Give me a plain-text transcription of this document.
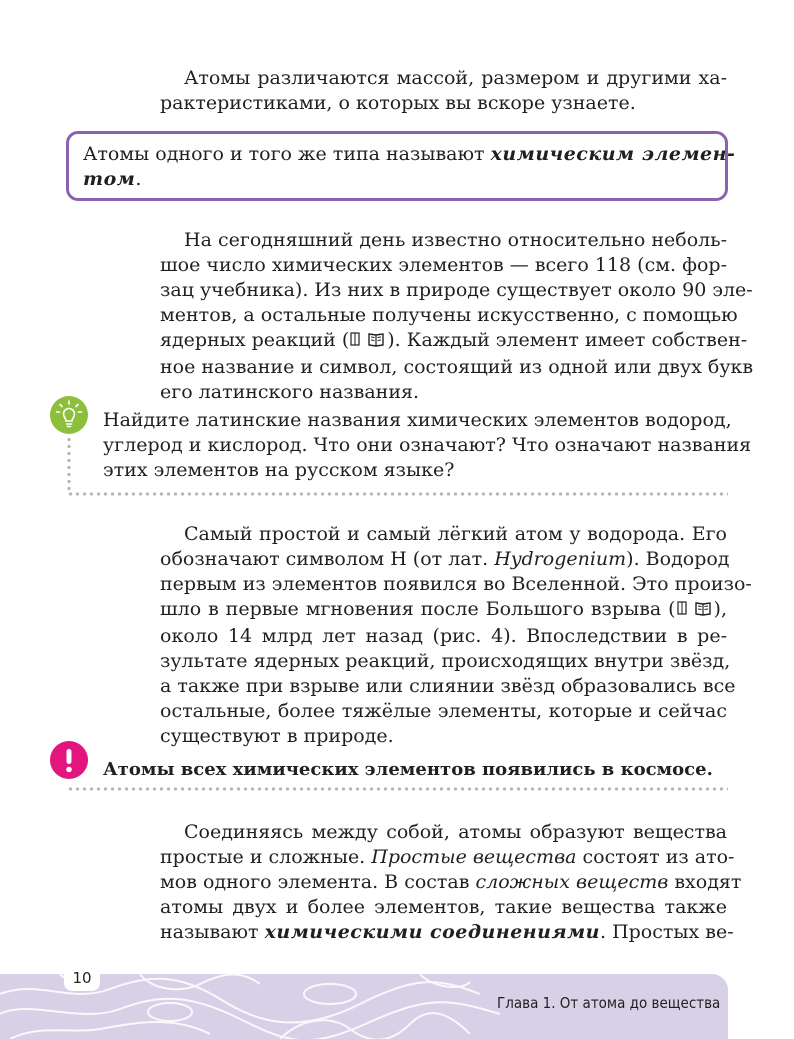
Атомы различаются массой, размером и другими ха-
рактеристиками, о которых вы вскоре узнаете.
Атомы одного и того же типа называют химическим элемен-
том.
На сегодняшний день известно относительно неболь-
шое число химических элементов — всего 118 (см. фор-
зац учебника). Из них в природе существует около 90 эле-
ментов, а остальные получены искусственно, с помощью
ядерных реакций ( ). Каждый элемент имеет собствен-
ное название и символ, состоящий из одной или двух букв
его латинского названия.
Найдите латинские названия химических элементов водород,
углерод и кислород. Что они означают? Что означают названия
этих элементов на русском языке?
Самый простой и самый лёгкий атом у водорода. Его
обозначают символом H (от лат. Hydrogenium). Водород
первым из элементов появился во Вселенной. Это произо-
шло в первые мгновения после Большого взрыва ( ),
около 14 млрд лет назад (рис. 4). Впоследствии в ре-
зультате ядерных реакций, происходящих внутри звёзд,
а также при взрыве или слиянии звёзд образовались все
остальные, более тяжёлые элементы, которые и сейчас
существуют в природе.
Атомы всех химических элементов появились в космосе.
Соединяясь между собой, атомы образуют вещества
простые и сложные. Простые вещества состоят из ато-
мов одного элемента. В состав сложных веществ входят
атомы двух и более элементов, такие вещества также
называют химическими соединениями. Простых ве-
10
Глава 1. От атома до вещества
